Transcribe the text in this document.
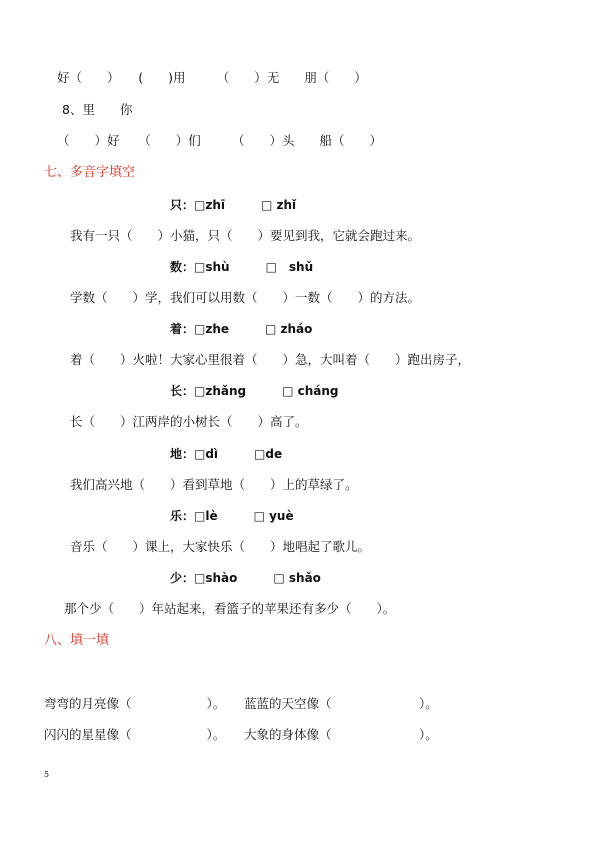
好（　　）　　(　　)用　　　（　　）无　　朋（　　）
8、里　　你
（　　）好　　（　　）们　　　（　　）头　　船（　　）
七、多音字填空
只：□zhī　　　□ zhǐ
我有一只（　　）小猫，只（　　）要见到我，它就会跑过来。
数：□shù　　　□　shǔ
学数（　　）学，我们可以用数（　　）一数（　　）的方法。
着：□zhe　　　□ zháo
着（　　）火啦！大家心里很着（　　）急，大叫着（　　）跑出房子，
长：□zhǎng　　　□ cháng
长（　　）江两岸的小树长（　　）高了。
地：□dì　　　□de
我们高兴地（　　）看到草地（　　）上的草绿了。
乐：□lè　　　□ yuè
音乐（　　）课上，大家快乐（　　）地唱起了歌儿。
少：□shào　　　□ shǎo
那个少（　　）年站起来，看篮子的苹果还有多少（　　）。
八、填一填
弯弯的月亮像（　　　　　　）。　　蓝蓝的天空像（　　　　　　　）。
闪闪的星星像（　　　　　　）。　　大象的身体像（　　　　　　　）。
5
